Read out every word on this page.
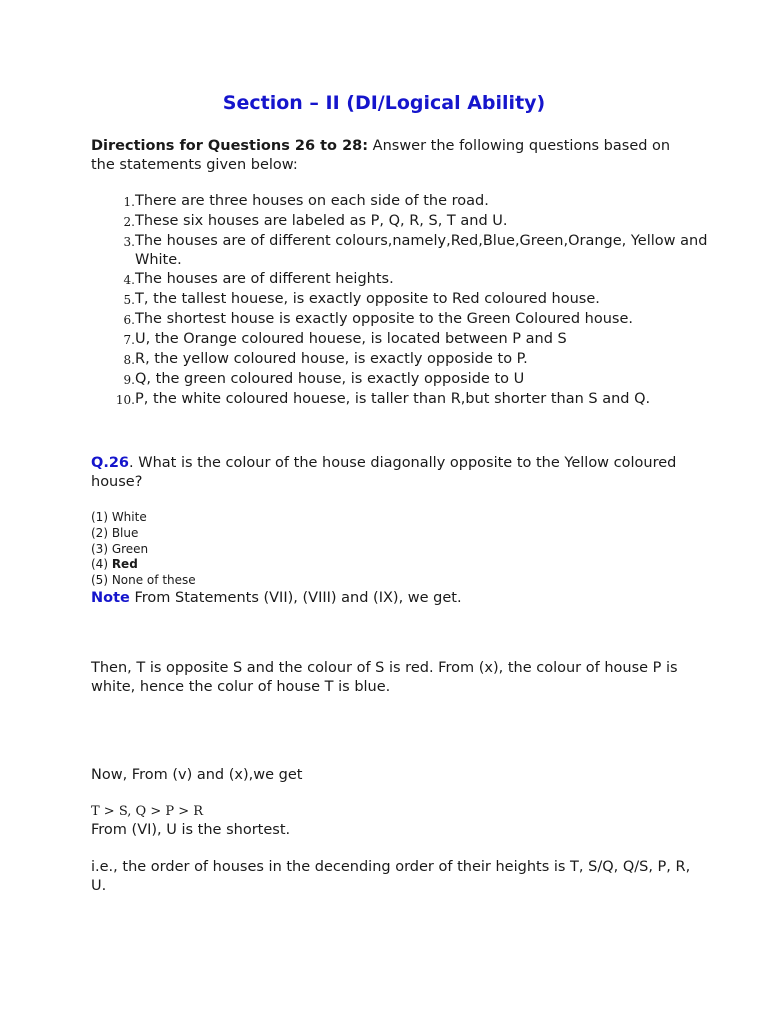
Section – II (DI/Logical Ability)

Directions for Questions 26 to 28: Answer the following questions based on the statements given below:

1. There are three houses on each side of the road.
2. These six houses are labeled as P, Q, R, S, T and U.
3. The houses are of different colours,namely,Red,Blue,Green,Orange, Yellow and White.
4. The houses are of different heights.
5. T, the tallest houese, is exactly opposite to Red coloured house.
6. The shortest house is exactly opposite to the Green Coloured house.
7. U, the Orange coloured houese, is located between P and S
8. R, the yellow coloured house, is exactly opposide to P.
9. Q, the green coloured house, is exactly opposide to U
10. P, the white coloured houese, is taller than R,but shorter than S and Q.

Q.26. What is the colour of the house diagonally opposite to the Yellow coloured house?

(1) White
(2) Blue
(3) Green
(4) Red
(5) None of these

Note From Statements (VII), (VIII) and (IX), we get.

Then, T is opposite S and the colour of S is red. From (x), the colour of house P is white, hence the colur of house T is blue.

Now, From (v) and (x),we get

T > S, Q > P > R

From (VI), U is the shortest.

i.e., the order of houses in the decending order of their heights is T, S/Q, Q/S, P, R, U.
